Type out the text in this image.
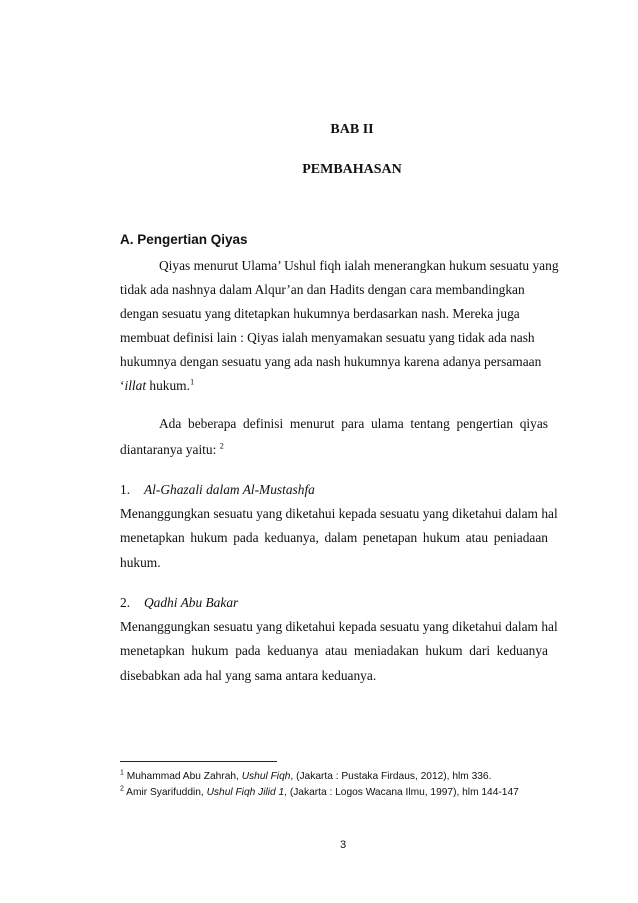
BAB II
PEMBAHASAN
A. Pengertian Qiyas
Qiyas menurut Ulama’ Ushul fiqh ialah menerangkan hukum sesuatu yang
tidak ada nashnya dalam Alqur’an dan Hadits dengan cara membandingkan
dengan sesuatu yang ditetapkan hukumnya berdasarkan nash. Mereka juga
membuat definisi lain : Qiyas ialah menyamakan sesuatu yang tidak ada nash
hukumnya dengan sesuatu yang ada nash hukumnya karena adanya persamaan
‘illat hukum.$^1$
Ada beberapa definisi menurut para ulama tentang pengertian qiyas
diantaranya yaitu: $^2$
1. Al-Ghazali dalam Al-Mustashfa
Menanggungkan sesuatu yang diketahui kepada sesuatu yang diketahui dalam hal
menetapkan hukum pada keduanya, dalam penetapan hukum atau peniadaan
hukum.
2. Qadhi Abu Bakar
Menanggungkan sesuatu yang diketahui kepada sesuatu yang diketahui dalam hal
menetapkan hukum pada keduanya atau meniadakan hukum dari keduanya
disebabkan ada hal yang sama antara keduanya.
$^1$ Muhammad Abu Zahrah, Ushul Fiqh, (Jakarta : Pustaka Firdaus, 2012), hlm 336.
$^2$ Amir Syarifuddin, Ushul Fiqh Jilid 1, (Jakarta : Logos Wacana Ilmu, 1997), hlm 144-147
3
